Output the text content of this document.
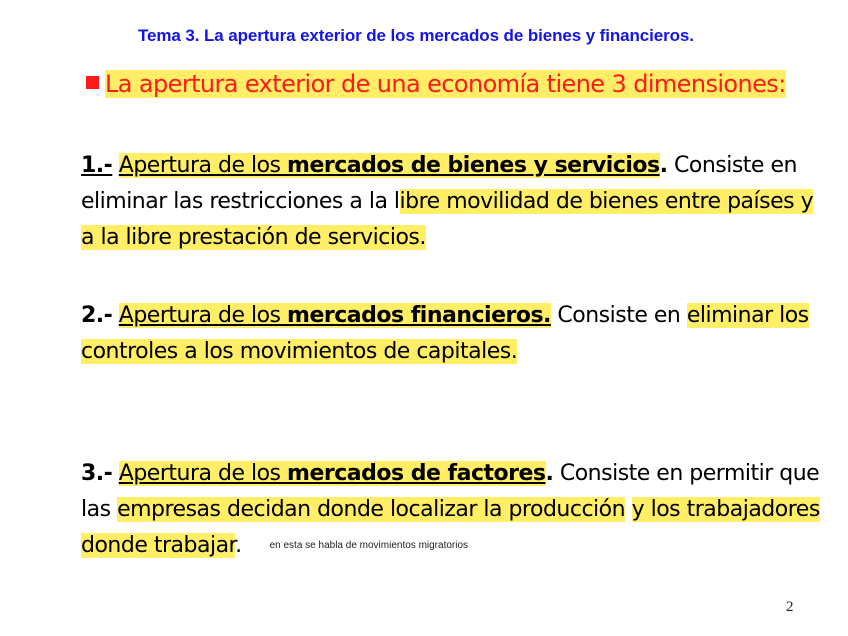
Tema 3. La apertura exterior de los mercados de bienes y financieros.
La apertura exterior de una economía tiene 3 dimensiones:
1.- Apertura de los mercados de bienes y servicios. Consiste en eliminar las restricciones a la libre movilidad de bienes entre países y a la libre prestación de servicios.
2.- Apertura de los mercados financieros. Consiste en eliminar los controles a los movimientos de capitales.
3.- Apertura de los mercados de factores. Consiste en permitir que las empresas decidan donde localizar la producción y los trabajadores donde trabajar.	en esta se habla de movimientos migratorios
2
